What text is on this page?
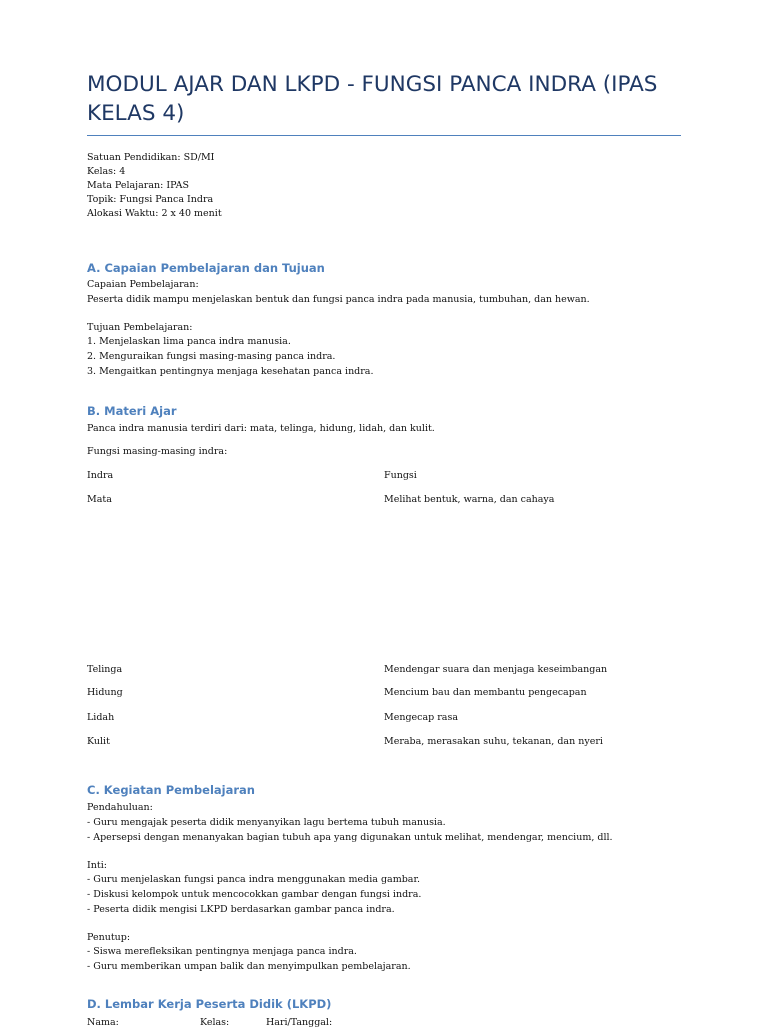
MODUL AJAR DAN LKPD - FUNGSI PANCA INDRA (IPAS KELAS 4)
Satuan Pendidikan: SD/MI
Kelas: 4
Mata Pelajaran: IPAS
Topik: Fungsi Panca Indra
Alokasi Waktu: 2 x 40 menit
A. Capaian Pembelajaran dan Tujuan
Capaian Pembelajaran:
Peserta didik mampu menjelaskan bentuk dan fungsi panca indra pada manusia, tumbuhan, dan hewan.
Tujuan Pembelajaran:
1. Menjelaskan lima panca indra manusia.
2. Menguraikan fungsi masing-masing panca indra.
3. Mengaitkan pentingnya menjaga kesehatan panca indra.
B. Materi Ajar
Panca indra manusia terdiri dari: mata, telinga, hidung, lidah, dan kulit.
Fungsi masing-masing indra:
Indra	Fungsi
Mata	Melihat bentuk, warna, dan cahaya
Telinga	Mendengar suara dan menjaga keseimbangan
Hidung	Mencium bau dan membantu pengecapan
Lidah	Mengecap rasa
Kulit	Meraba, merasakan suhu, tekanan, dan nyeri
C. Kegiatan Pembelajaran
Pendahuluan:
- Guru mengajak peserta didik menyanyikan lagu bertema tubuh manusia.
- Apersepsi dengan menanyakan bagian tubuh apa yang digunakan untuk melihat, mendengar, mencium, dll.
Inti:
- Guru menjelaskan fungsi panca indra menggunakan media gambar.
- Diskusi kelompok untuk mencocokkan gambar dengan fungsi indra.
- Peserta didik mengisi LKPD berdasarkan gambar panca indra.
Penutup:
- Siswa merefleksikan pentingnya menjaga panca indra.
- Guru memberikan umpan balik dan menyimpulkan pembelajaran.
D. Lembar Kerja Peserta Didik (LKPD)
Nama:	Kelas:	Hari/Tanggal:
